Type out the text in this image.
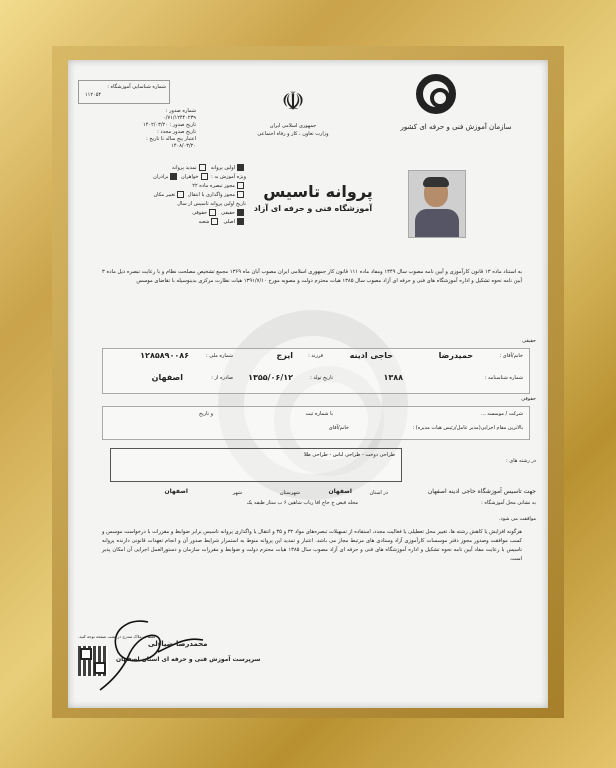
سازمان آموزش فنی و حرفه ای کشور
☫
جمهوری اسلامی ایران
وزارت تعاون ، کار و رفاه اجتماعی
شماره شناسایی آموزشگاه :
۱۱۲۰۵۴
شماره صدور :
۰/۷۱/۱۲۴۴۰۲۳۹
تاریخ صدور : ۱۴۰۲/۰۳/۲۰
تاریخ صدور مجدد :
اعتبار پنج ساله تا تاریخ :
۱۴۰۸/۰۳/۲۰
اولین پروانه  تمدید پروانه
ویژه آموزش به : خواهران برادران
مجوز تبصره ماده ۲۲
مجوز واگذاری یا انتقال تغییر مکان
تاریخ اولین پروانه تاسیس از سال
حقیقی  حقوقی
اصلی  شعبه
پروانه تاسیس
آموزشگاه فنی و حرفه ای آزاد
به استناد ماده ۱۳ قانون کارآموزی و آیین نامه مصوب سال ۱۳۴۹ ومفاد ماده ۱۱۱ قانون کار جمهوری اسلامی ایران مصوب آبان ماه ۱۳۶۹ مجمع تشخیص مصلحت نظام و با رعایت تبصره ذیل ماده ۳ آیین نامه نحوه تشکیل و اداره آموزشگاه های فنی و حرفه ای آزاد مصوب سال ۱۳۸۵ هیات محترم دولت و مصوبه مورخ ۱۳۹۱/۷/۱۰ هیات نظارت مرکزی بدینوسیله با تقاضای موسس
حقیقی
خانم/آقای :
حمیدرضا
حاجی ادینه
فرزند :
ایرج
شماره ملی :
۱۲۸۵۸۹۰۰۸۶
شماره شناسنامه :
۱۳۸۸
تاریخ تولد :
۱۳۵۵/۰۶/۱۲
صادره از :
اصفهان
حقوقی
شرکت / موسسه ...
با شماره ثبت
و تاریخ
بالاترین مقام اجرایی(مدیر عامل/رئیس هیات مدیره) :
خانم/آقای
در رشته های :
طراحی دوخت - طراحی لباس - طراحی طلا
جهت تاسیس آموزشگاه حاجی ادینه اصفهان
به نشانی محل آموزشگاه :
در استان
اصفهان
شهرستان
شهر
اصفهان
محله قبض خ حاج اقا رباب شاهین ۶ ب ستار طبقه یک
موافقت می شود.
هرگونه افزایش یا کاهش رشته ها، تغییر محل تعطیلی یا فعالیت مجدد، استفاده از تسهیلات تبصره‌های مواد ۳۲ و ۳۵ و انتقال یا واگذاری پروانه تاسیس برابر ضوابط و مقررات با درخواست موسس و کسب موافقت وصدور مجوز دفتر موسسات کارآموزی آزاد وستادی های مرتبط مجاز می باشد. اعتبار و تمدید این پروانه منوط به استمرار شرایط صدور آن و انجام تعهدات قانونی دارنده پروانه تاسیس با رعایت مفاد آیین نامه نحوه تشکیل و اداره آموزشگاه های فنی و حرفه ای آزاد مصوب سال ۱۳۸۵ هیات محترم دولت و ضوابط و مقررات سازمان و دستورالعمل اجرایی آن امکان پذیر است.
محمدرضا ضیاءلی
سرپرست آموزش فنی و حرفه ای استان اصفهان
فقط به ملاک مندرج در پشت صفحه توجه کنید.
